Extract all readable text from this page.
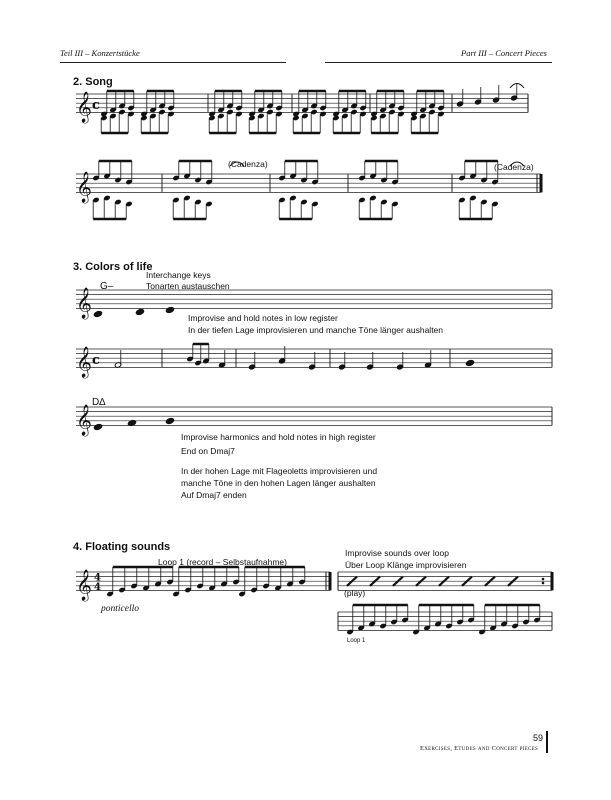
Teil III – Konzertstücke	Part III – Concert Pieces
2. Song
3. Colors of life
4. Floating sounds
(Cadenza)	(Cadenza)
G–
Interchange keys
Tonarten austauschen
Improvise and hold notes in low register
In der tiefen Lage improvisieren und manche Töne länger aushalten
D∆
Improvise harmonics and hold notes in high register
End on Dmaj7
In der hohen Lage mit Flageoletts improvisieren und
manche Töne in den hohen Lagen länger aushalten
Auf Dmaj7 enden
Loop 1 (record – Selbstaufnahme)
ponticello
Improvise sounds over loop
Über Loop Klänge improvisieren
(play)
Loop 1
59
Exercises, Etudes and Concert pieces
𝄞 c
𝄞
𝄞
𝄞 c
𝄞
𝄞 4
4
